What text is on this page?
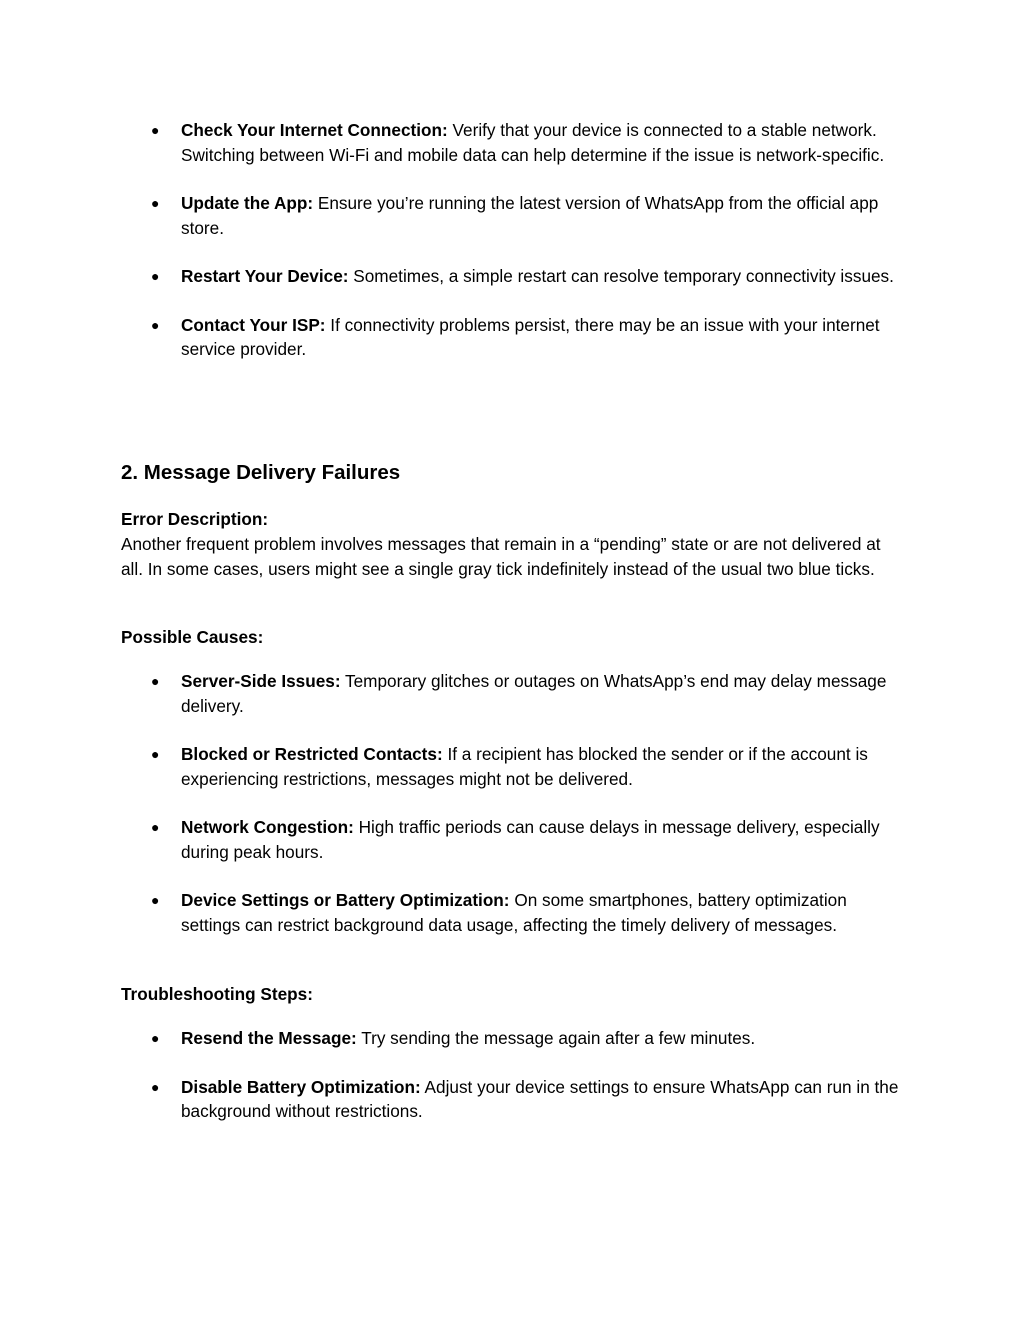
● Check Your Internet Connection: Verify that your device is connected to a stable network. Switching between Wi-Fi and mobile data can help determine if the issue is network-specific.
● Update the App: Ensure you’re running the latest version of WhatsApp from the official app store.
● Restart Your Device: Sometimes, a simple restart can resolve temporary connectivity issues.
● Contact Your ISP: If connectivity problems persist, there may be an issue with your internet service provider.
2. Message Delivery Failures

Error Description:

Another frequent problem involves messages that remain in a “pending” state or are not delivered at all. In some cases, users might see a single gray tick indefinitely instead of the usual two blue ticks.

Possible Causes:

● Server-Side Issues: Temporary glitches or outages on WhatsApp’s end may delay message delivery.
● Blocked or Restricted Contacts: If a recipient has blocked the sender or if the account is experiencing restrictions, messages might not be delivered.
● Network Congestion: High traffic periods can cause delays in message delivery, especially during peak hours.
● Device Settings or Battery Optimization: On some smartphones, battery optimization settings can restrict background data usage, affecting the timely delivery of messages.

Troubleshooting Steps:

● Resend the Message: Try sending the message again after a few minutes.
● Disable Battery Optimization: Adjust your device settings to ensure WhatsApp can run in the background without restrictions.
